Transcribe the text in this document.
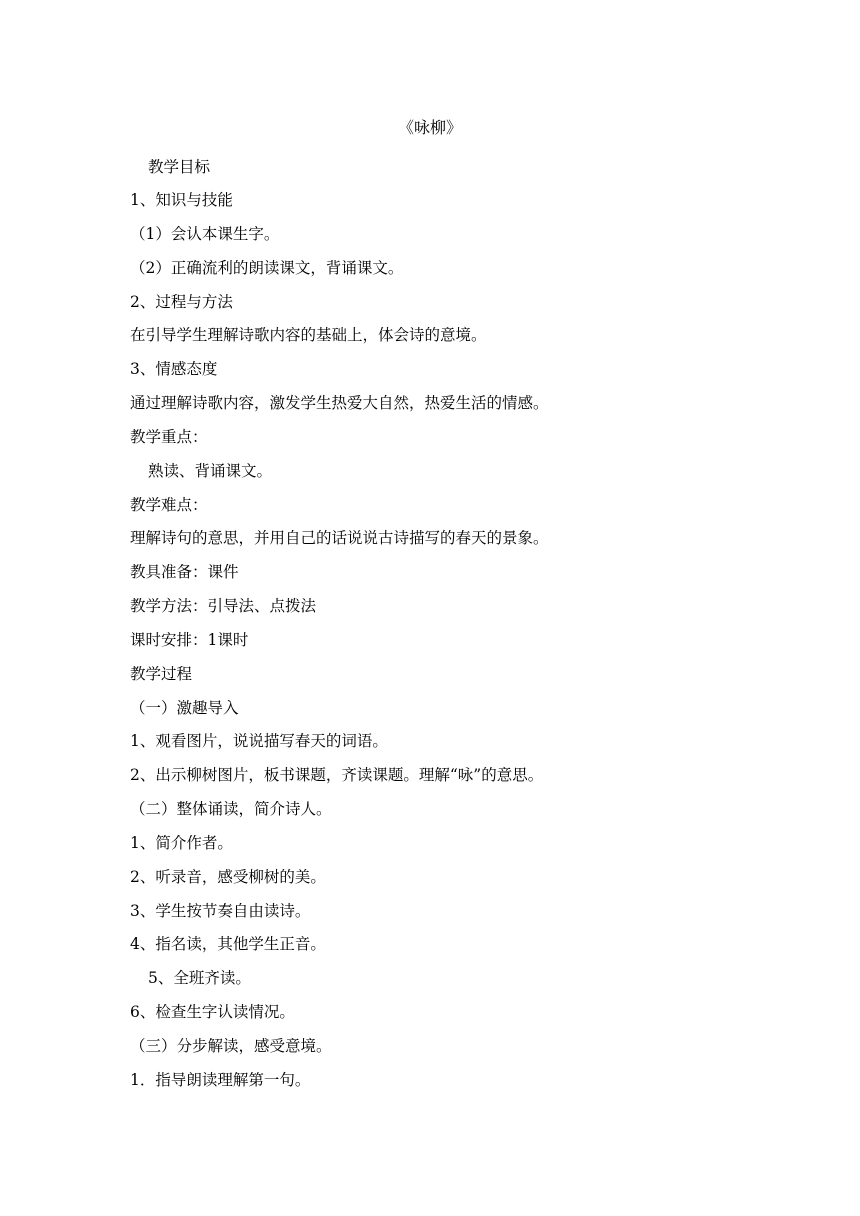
《咏柳》
教学目标
1、知识与技能
（1）会认本课生字。
（2）正确流利的朗读课文，背诵课文。
2、过程与方法
在引导学生理解诗歌内容的基础上，体会诗的意境。
3、情感态度
通过理解诗歌内容，激发学生热爱大自然，热爱生活的情感。
教学重点：
熟读、背诵课文。
教学难点：
理解诗句的意思，并用自己的话说说古诗描写的春天的景象。
教具准备：课件
教学方法：引导法、点拨法
课时安排：1课时
教学过程
（一）激趣导入
1、观看图片，说说描写春天的词语。
2、出示柳树图片，板书课题，齐读课题。理解“咏”的意思。
（二）整体诵读，简介诗人。
1、简介作者。
2、听录音，感受柳树的美。
3、学生按节奏自由读诗。
4、指名读，其他学生正音。
5、全班齐读。
6、检查生字认读情况。
（三）分步解读，感受意境。
1．指导朗读理解第一句。
